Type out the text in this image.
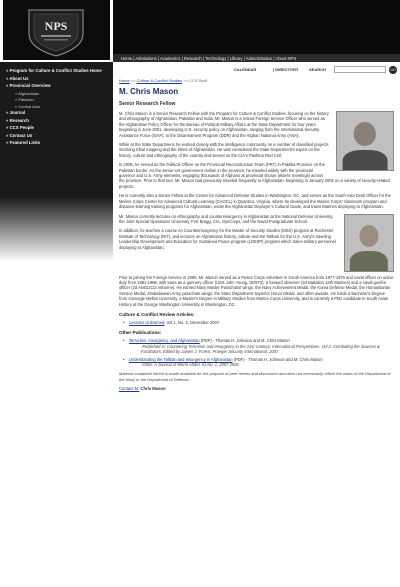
NPS
» Program for Culture & Conflict Studies Home
» About Us
» Provincial Overview
» Afghanistan
» Pakistan
» Central Asia
» Journal
» Research
» CCS People
» Contact Us
» Featured Links
Home | Admissions | Academics | Research | Technology | Library | Administration | About NPS
CALENDAR	| DIRECTORY	SEARCH	GO
Home >> Culture & Conflict Studies >> CCS Staff
M. Chris Mason
Senior Research Fellow

M. Chris Mason is a Senior Research Fellow with the Program for Culture & Conflict Studies, focusing on the history and ethnography of Afghanistan, Pakistan and India. Mr. Mason is a retired Foreign Service Officer who served as the Afghanistan Policy Officer for the Bureau of Political Military Affairs at the State Department for four years beginning in June 2001, developing U.S. security policy on Afghanistan, ranging from the International Security Assistance Force (ISAF), to the Disarmament Program (DDR) and the Afghan National Army (ANA).

While at the State Department, he worked closely with the intelligence community on a number of classified projects involving tribal mapping and the tribes of Afghanistan. He was considered the State Department's expert on the history, culture and ethnography of the country and served on the CIA's Pashtun Red Cell.

In 2005, he served as the Political Officer on the Provincial Reconstruction Team (PRT) in Paktika Province on the Pakistan border. As the senior US government civilian in the province, he traveled widely with the provincial governor and U.S. Army elements, engaging thousands of Afghans at provincial shuras (elders' meetings) across the province. Prior to that tour, Mr. Mason had previously traveled frequently to Afghanistan, beginning in January 2002 on a variety of security-related projects.

He is currently also a Senior Fellow at the Center for Advanced Defense Studies in Washington, DC, and serves as the South Asia Desk Officer for the Marine Corps Center for Advanced Cultural Learning (CAOCL) in Quantico, Virginia, where he developed the Marine Corps' classroom program and distance-learning training programs for Afghanistan, wrote the Afghanistan Deployer's Cultural Guide, and trains Marines deploying to Afghanistan.

Mr. Mason currently lectures on ethnography and counterinsurgency in Afghanistan at the National Defense University, the Joint Special Operations University, Fort Bragg, CIA, DynCorps, and the Naval Postgraduate School.

In addition, he teaches a course on Counterinsurgency for the Master of Security Studies (MSS) program at Rochester Institute of Technology (RIT), and lectures on Afghanistan history, culture and the Taliban for the U.S. Army's traveling Leadership Development and Education for Sustained Peace program (LDESP) program which trains military personnel deploying to Afghanistan.

Prior to joining the Foreign Service in 1990, Mr. Mason served as a Peace Corps volunteer in South America from 1977-1979 and naval officer on active duty from 1981-1986, with tours as a gunnery officer (USS John Young, DD973), a forward observer (2d Battalion 12th Marines) and a naval gunfire officer (2d ANGLICO Airborne). He earned Navy Master Parachutist wings, the Navy Achievement Medal, the Korea Defense Medal, the Humanitarian Service Medal, Zimbabwean Army parachute wings, the State Department Superior Honor Medal, and other awards. He holds a Bachelor's Degree from Carnegie Mellon University, a Master's Degree in Military Studies from Marine Corps University, and is currently a PhD candidate in South Asian History at the George Washington University in Washington, DC.

Culture & Conflict Review Articles:
• Lessons Unlearned, Vol.1, No. 2, December 2007.
Other Publications:
• Terrorism, Insurgency, and Afghanistan (PDF) - Thomas H. Johnson and M. Chris Mason
◦ Published in: Countering Terrorism and Insurgency in the 21st Century: International Perspectives. Vol 2. Combating the Sources & Facilitators. Edited by James J. Forest. Praeger Security International, 2007.
• Understanding the Taliban and Insurgency in Afghanistan (PDF) - Thomas H. Johnson and M. Chris Mason
◦ Orbis: A Journal of World Affairs 51 No. 1, 2007 2006

Material contained herein is made available for the purpose of peer review and discussion and does not necessarily reflect the views of the Department of the Navy or the Department of Defense.

Contact M. Chris Mason
